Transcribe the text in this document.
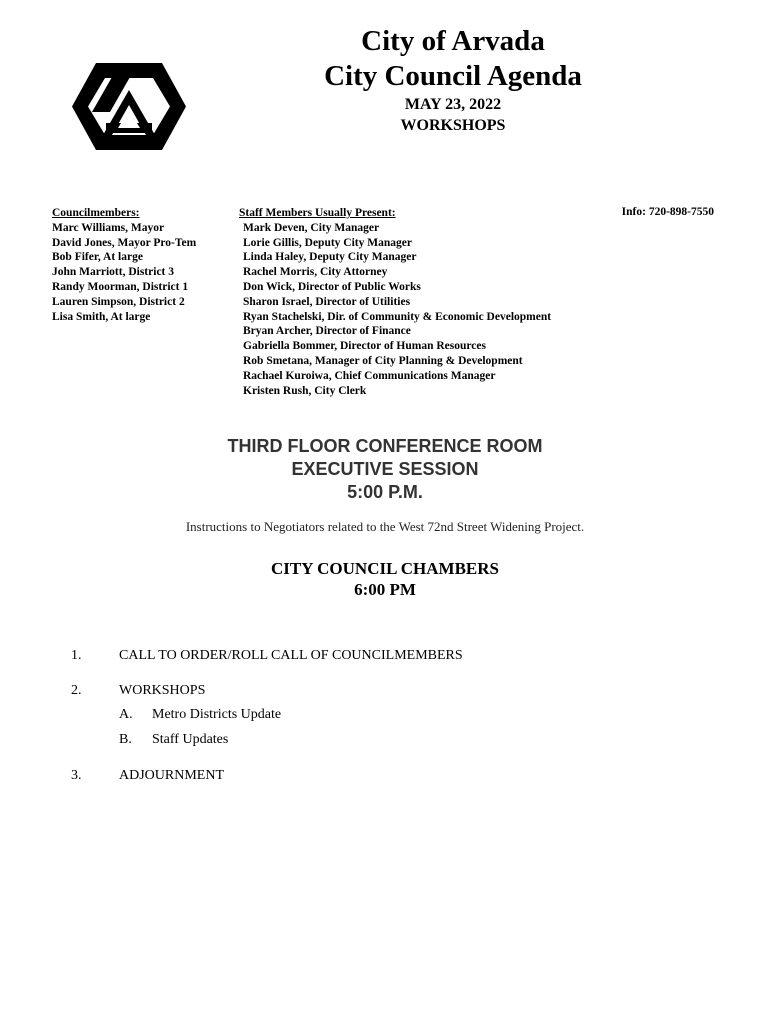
City of Arvada
City Council Agenda
MAY 23, 2022
WORKSHOPS
Councilmembers:
Marc Williams, Mayor
David Jones, Mayor Pro-Tem
Bob Fifer, At large
John Marriott, District 3
Randy Moorman, District 1
Lauren Simpson, District 2
Lisa Smith, At large
Staff Members Usually Present:
Mark Deven, City Manager
Lorie Gillis, Deputy City Manager
Linda Haley, Deputy City Manager
Rachel Morris, City Attorney
Don Wick, Director of Public Works
Sharon Israel, Director of Utilities
Ryan Stachelski, Dir. of Community & Economic Development
Bryan Archer, Director of Finance
Gabriella Bommer, Director of Human Resources
Rob Smetana, Manager of City Planning & Development
Rachael Kuroiwa, Chief Communications Manager
Kristen Rush, City Clerk
Info: 720-898-7550
THIRD FLOOR CONFERENCE ROOM
EXECUTIVE SESSION
5:00 P.M.
Instructions to Negotiators related to the West 72nd Street Widening Project.
CITY COUNCIL CHAMBERS
6:00 PM
1.	CALL TO ORDER/ROLL CALL OF COUNCILMEMBERS
2.	WORKSHOPS
A. Metro Districts Update
B. Staff Updates
3.	ADJOURNMENT
